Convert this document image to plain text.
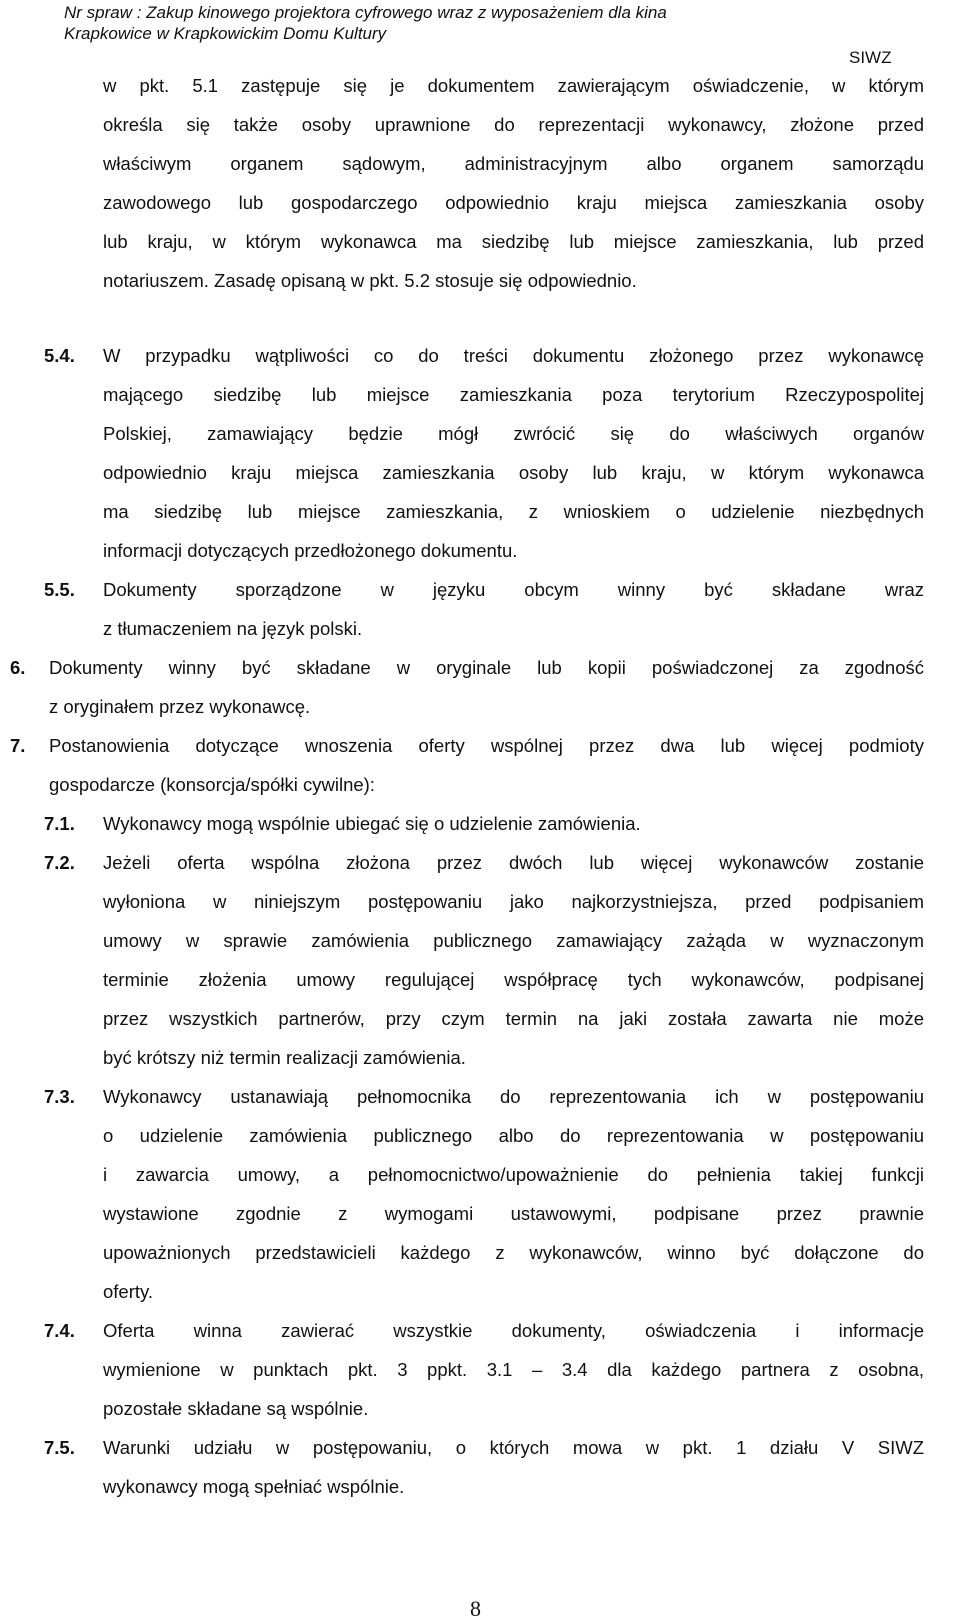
Nr spraw : Zakup kinowego projektora cyfrowego wraz z wyposażeniem dla kina
Krapkowice w Krapkowickim Domu Kultury
SIWZ
w pkt. 5.1 zastępuje się je dokumentem zawierającym oświadczenie, w którym
określa się także osoby uprawnione do reprezentacji wykonawcy, złożone przed
właściwym organem sądowym, administracyjnym albo organem samorządu
zawodowego lub gospodarczego odpowiednio kraju miejsca zamieszkania osoby
lub kraju, w którym wykonawca ma siedzibę lub miejsce zamieszkania, lub przed
notariuszem. Zasadę opisaną w pkt. 5.2 stosuje się odpowiednio.
5.4. W przypadku wątpliwości co do treści dokumentu złożonego przez wykonawcę
mającego siedzibę lub miejsce zamieszkania poza terytorium Rzeczypospolitej
Polskiej, zamawiający będzie mógł zwrócić się do właściwych organów
odpowiednio kraju miejsca zamieszkania osoby lub kraju, w którym wykonawca
ma siedzibę lub miejsce zamieszkania, z wnioskiem o udzielenie niezbędnych
informacji dotyczących przedłożonego dokumentu.
5.5. Dokumenty sporządzone w języku obcym winny być składane wraz
z tłumaczeniem na język polski.
6. Dokumenty winny być składane w oryginale lub kopii poświadczonej za zgodność
z oryginałem przez wykonawcę.
7. Postanowienia dotyczące wnoszenia oferty wspólnej przez dwa lub więcej podmioty
gospodarcze (konsorcja/spółki cywilne):
7.1. Wykonawcy mogą wspólnie ubiegać się o udzielenie zamówienia.
7.2. Jeżeli oferta wspólna złożona przez dwóch lub więcej wykonawców zostanie
wyłoniona w niniejszym postępowaniu jako najkorzystniejsza, przed podpisaniem
umowy w sprawie zamówienia publicznego zamawiający zażąda w wyznaczonym
terminie złożenia umowy regulującej współpracę tych wykonawców, podpisanej
przez wszystkich partnerów, przy czym termin na jaki została zawarta nie może
być krótszy niż termin realizacji zamówienia.
7.3. Wykonawcy ustanawiają pełnomocnika do reprezentowania ich w postępowaniu
o udzielenie zamówienia publicznego albo do reprezentowania w postępowaniu
i zawarcia umowy, a pełnomocnictwo/upoważnienie do pełnienia takiej funkcji
wystawione zgodnie z wymogami ustawowymi, podpisane przez prawnie
upoważnionych przedstawicieli każdego z wykonawców, winno być dołączone do
oferty.
7.4. Oferta winna zawierać wszystkie dokumenty, oświadczenia i informacje
wymienione w punktach pkt. 3 ppkt. 3.1 – 3.4 dla każdego partnera z osobna,
pozostałe składane są wspólnie.
7.5. Warunki udziału w postępowaniu, o których mowa w pkt. 1 działu V SIWZ
wykonawcy mogą spełniać wspólnie.
8
